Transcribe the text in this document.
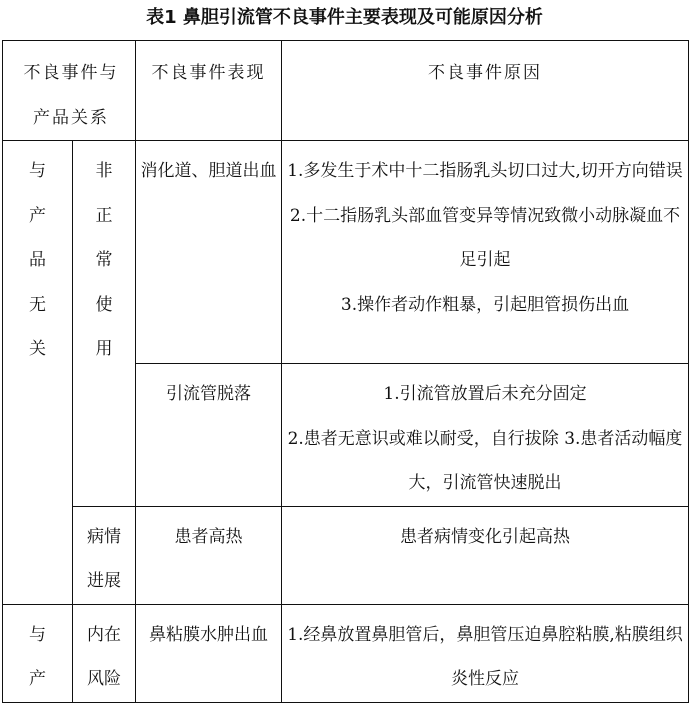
表1 鼻胆引流管不良事件主要表现及可能原因分析
不良事件与产品关系		不良事件表现	不良事件原因
与产品无关	非正常使用	消化道、胆道出血	1.多发生于术中十二指肠乳头切口过大,切开方向错误
2.十二指肠乳头部血管变异等情况致微小动脉凝血不足引起
3.操作者动作粗暴，引起胆管损伤出血

		引流管脱落	1.引流管放置后未充分固定
2.患者无意识或难以耐受，自行拔除 3.患者活动幅度大，引流管快速脱出

	病情进展	患者高热	患者病情变化引起高热
与产	内在风险	鼻粘膜水肿出血	1.经鼻放置鼻胆管后，鼻胆管压迫鼻腔粘膜,粘膜组织炎性反应
